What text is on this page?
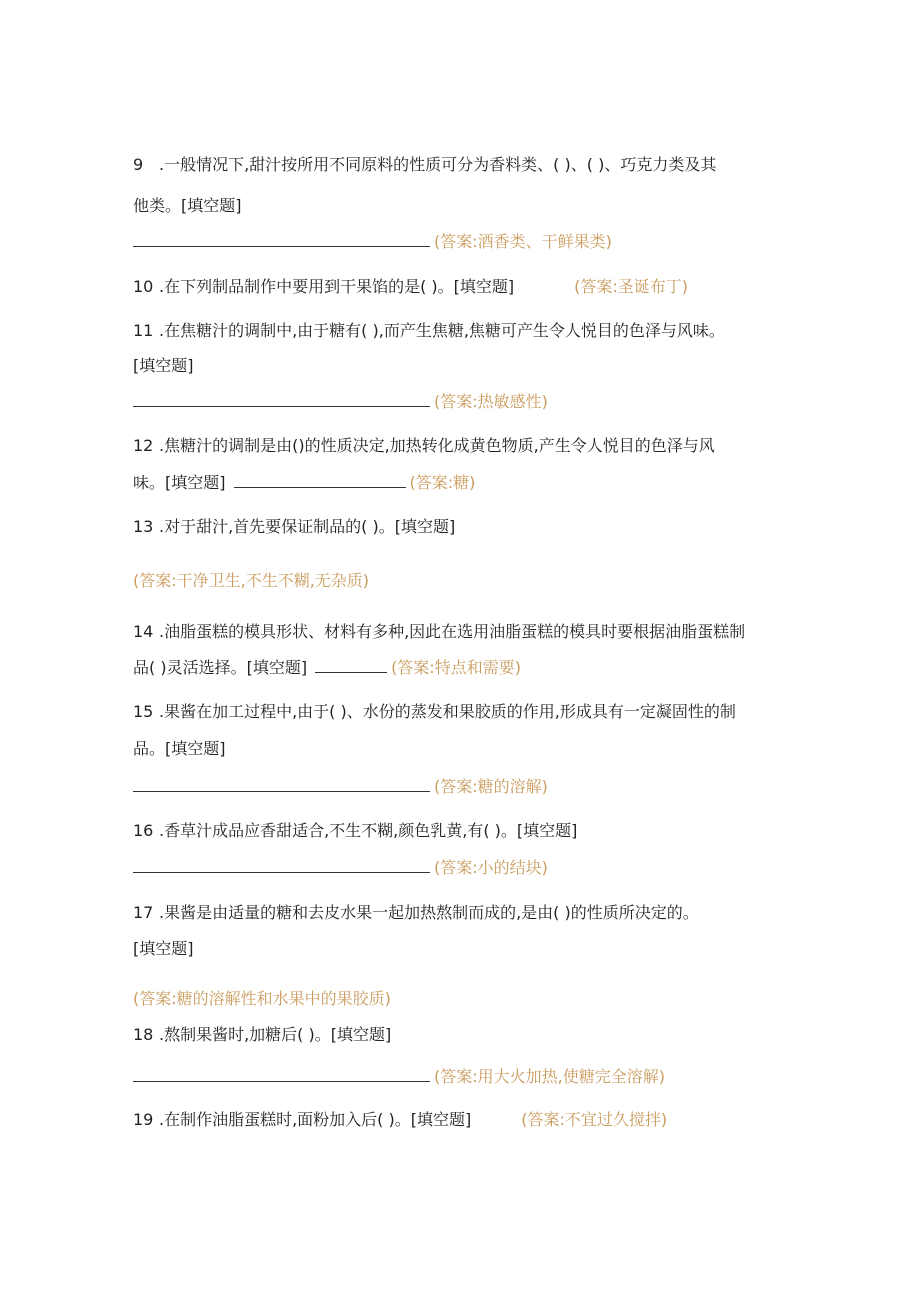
9 .一般情况下,甜汁按所用不同原料的性质可分为香料类、( )、( )、巧克力类及其
他类。[填空题]
(答案:酒香类、干鲜果类)
10 .在下列制品制作中要用到干果馅的是( )。[填空题]	(答案:圣诞布丁)
11 .在焦糖汁的调制中,由于糖有( ),而产生焦糖,焦糖可产生令人悦目的色泽与风味。
[填空题]
(答案:热敏感性)
12 .焦糖汁的调制是由()的性质决定,加热转化成黄色物质,产生令人悦目的色泽与风
味。[填空题]	(答案:糖)
13 .对于甜汁,首先要保证制品的( )。[填空题]
(答案:干净卫生,不生不糊,无杂质)
14 .油脂蛋糕的模具形状、材料有多种,因此在选用油脂蛋糕的模具时要根据油脂蛋糕制
品( )灵活选择。[填空题]	(答案:特点和需要)
15 .果酱在加工过程中,由于( )、水份的蒸发和果胶质的作用,形成具有一定凝固性的制
品。[填空题]
(答案:糖的溶解)
16 .香草汁成品应香甜适合,不生不糊,颜色乳黄,有( )。[填空题]
(答案:小的结块)
17 .果酱是由适量的糖和去皮水果一起加热熬制而成的,是由( )的性质所决定的。
[填空题]
(答案:糖的溶解性和水果中的果胶质)
18 .熬制果酱时,加糖后( )。[填空题]
(答案:用大火加热,使糖完全溶解)
19 .在制作油脂蛋糕时,面粉加入后( )。[填空题]	(答案:不宜过久搅拌)
